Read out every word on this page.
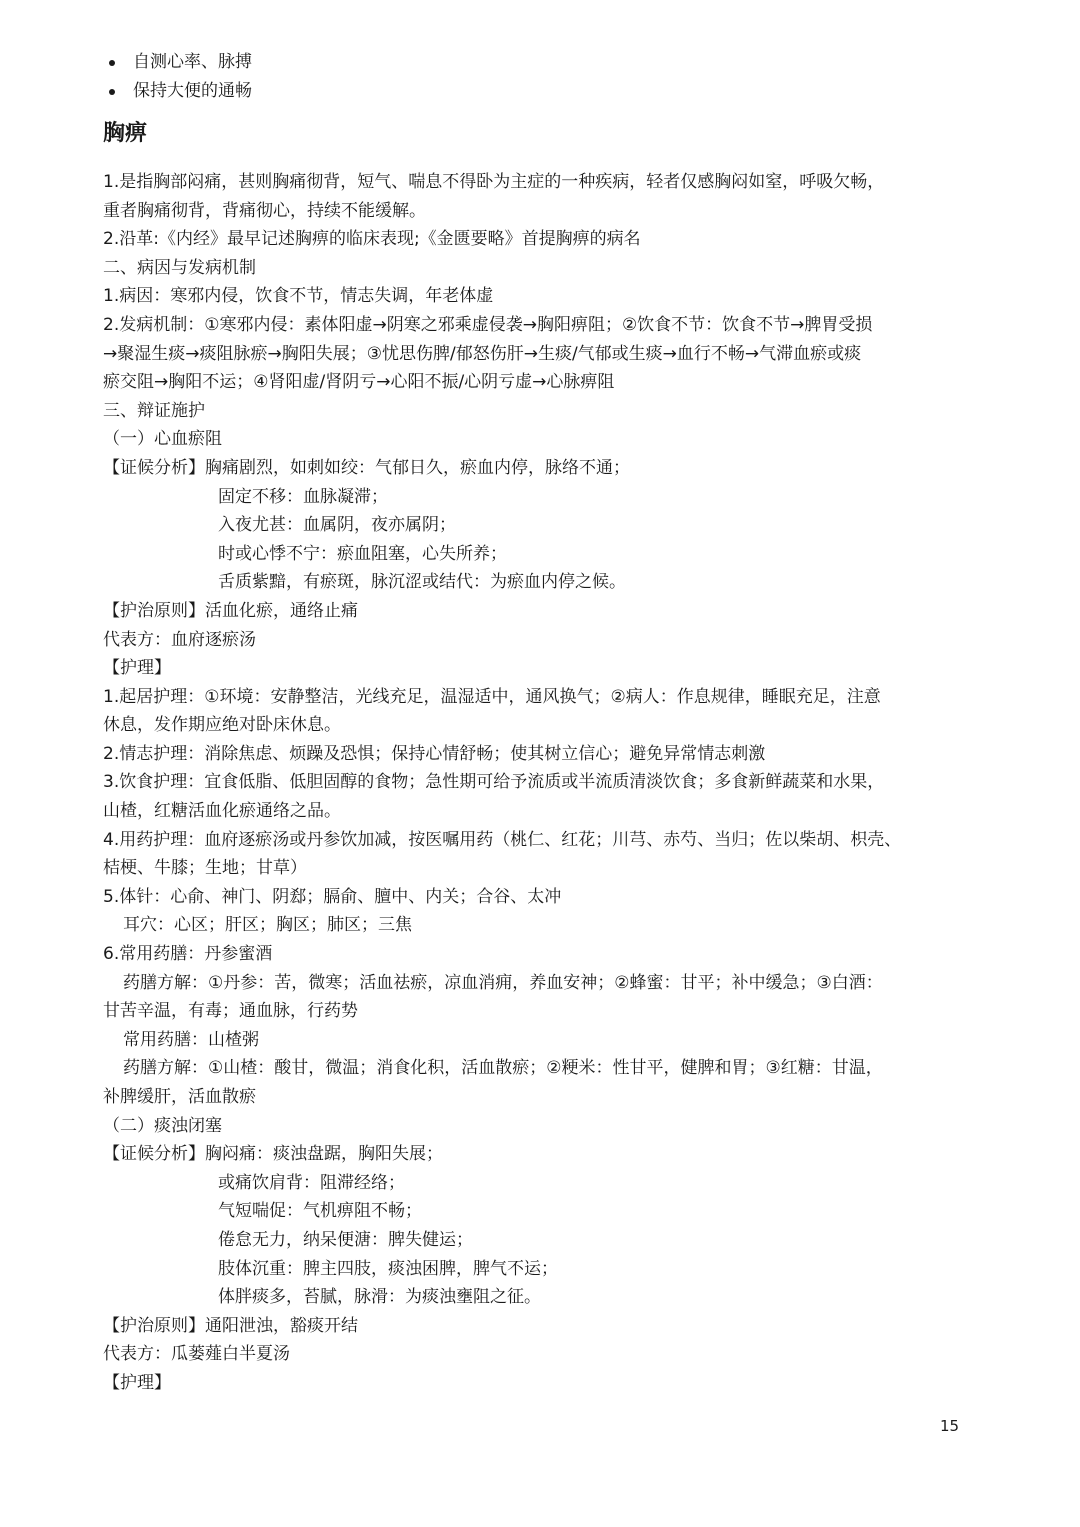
自测心率、脉搏
保持大便的通畅
胸痹
1.是指胸部闷痛，甚则胸痛彻背，短气、喘息不得卧为主症的一种疾病，轻者仅感胸闷如窒，呼吸欠畅，
重者胸痛彻背，背痛彻心，持续不能缓解。
2.沿革:《内经》最早记述胸痹的临床表现;《金匮要略》首提胸痹的病名
二、病因与发病机制
1.病因：寒邪内侵，饮食不节，情志失调，年老体虚
2.发病机制：①寒邪内侵：素体阳虚→阴寒之邪乘虚侵袭→胸阳痹阻；②饮食不节：饮食不节→脾胃受损
→聚湿生痰→痰阻脉瘀→胸阳失展；③忧思伤脾/郁怒伤肝→生痰/气郁或生痰→血行不畅→气滞血瘀或痰
瘀交阻→胸阳不运；④肾阳虚/肾阴亏→心阳不振/心阴亏虚→心脉痹阻
三、辩证施护
（一）心血瘀阻
【证候分析】胸痛剧烈，如刺如绞：气郁日久，瘀血内停，脉络不通；
固定不移：血脉凝滞；
入夜尤甚：血属阴，夜亦属阴；
时或心悸不宁：瘀血阻塞，心失所养；
舌质紫黯，有瘀斑，脉沉涩或结代：为瘀血内停之候。
【护治原则】活血化瘀，通络止痛
代表方：血府逐瘀汤
【护理】
1.起居护理：①环境：安静整洁，光线充足，温湿适中，通风换气；②病人：作息规律，睡眠充足，注意
休息，发作期应绝对卧床休息。
2.情志护理：消除焦虑、烦躁及恐惧；保持心情舒畅；使其树立信心；避免异常情志刺激
3.饮食护理：宜食低脂、低胆固醇的食物；急性期可给予流质或半流质清淡饮食；多食新鲜蔬菜和水果，
山楂，红糖活血化瘀通络之品。
4.用药护理：血府逐瘀汤或丹参饮加减，按医嘱用药（桃仁、红花；川芎、赤芍、当归；佐以柴胡、枳壳、
桔梗、牛膝；生地；甘草）
5.体针：心俞、神门、阴郄；膈俞、膻中、内关；合谷、太冲
耳穴：心区；肝区；胸区；肺区；三焦
6.常用药膳：丹参蜜酒
药膳方解：①丹参：苦，微寒；活血祛瘀，凉血消痈，养血安神；②蜂蜜：甘平；补中缓急；③白酒：
甘苦辛温，有毒；通血脉，行药势
常用药膳：山楂粥
药膳方解：①山楂：酸甘，微温；消食化积，活血散瘀；②粳米：性甘平，健脾和胃；③红糖：甘温，
补脾缓肝，活血散瘀
（二）痰浊闭塞
【证候分析】胸闷痛：痰浊盘踞，胸阳失展；
或痛饮肩背：阻滞经络；
气短喘促：气机痹阻不畅；
倦怠无力，纳呆便溏：脾失健运；
肢体沉重：脾主四肢，痰浊困脾，脾气不运；
体胖痰多，苔腻，脉滑：为痰浊壅阻之征。
【护治原则】通阳泄浊，豁痰开结
代表方：瓜蒌薤白半夏汤
【护理】
15
